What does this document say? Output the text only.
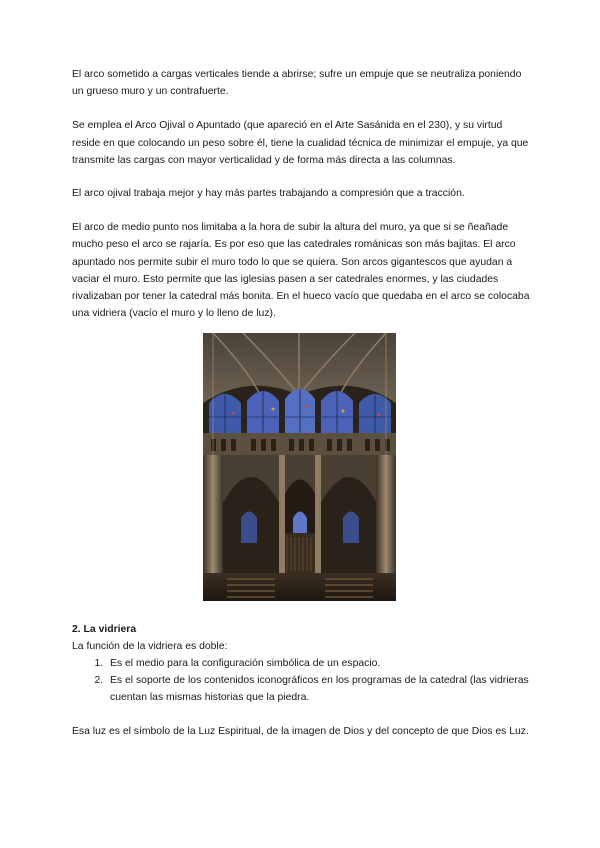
El arco sometido a cargas verticales tiende a abrirse; sufre un empuje que se neutraliza poniendo un grueso muro y un contrafuerte.

Se emplea el Arco Ojival o Apuntado (que apareció en el Arte Sasánida en el 230), y su virtud reside en que colocando un peso sobre él, tiene la cualidad técnica de minimizar el empuje, ya que transmite las cargas con mayor verticalidad y de forma más directa a las columnas.

El arco ojival trabaja mejor y hay más partes trabajando a compresión que a tracción.

El arco de medio punto nos limitaba a la hora de subir la altura del muro, ya que si se ñeañade mucho peso el arco se rajaría. Es por eso que las catedrales románicas son más bajitas. El arco apuntado nos permite subir el muro todo lo que se quiera. Son arcos gigantescos que ayudan a vaciar el muro. Esto permite que las iglesias pasen a ser catedrales enormes, y las ciudades rivalizaban por tener la catedral más bonita. En el hueco vacío que quedaba en el arco se colocaba una vidriera (vacío el muro y lo lleno de luz).

2. La vidriera

La función de la vidriera es doble:

1. Es el medio para la configuración simbólica de un espacio.
2. Es el soporte de los contenidos iconográficos en los programas de la catedral (las vidrieras cuentan las mismas historias que la piedra.

Esa luz es el símbolo de la Luz Espiritual, de la imagen de Dios y del concepto de que Dios es Luz.
